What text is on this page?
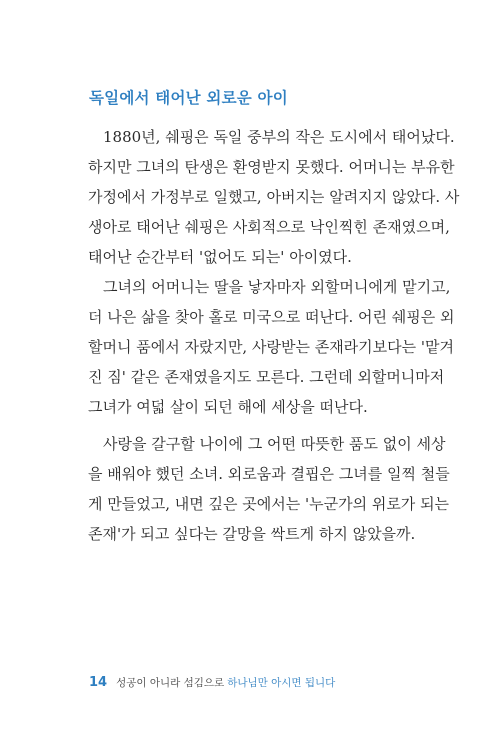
독일에서 태어난 외로운 아이

　1880년, 쉐핑은 독일 중부의 작은 도시에서 태어났다.
하지만 그녀의 탄생은 환영받지 못했다. 어머니는 부유한
가정에서 가정부로 일했고, 아버지는 알려지지 않았다. 사
생아로 태어난 쉐핑은 사회적으로 낙인찍힌 존재였으며,
태어난 순간부터 '없어도 되는' 아이였다.

　그녀의 어머니는 딸을 낳자마자 외할머니에게 맡기고,
더 나은 삶을 찾아 홀로 미국으로 떠난다. 어린 쉐핑은 외
할머니 품에서 자랐지만, 사랑받는 존재라기보다는 '맡겨
진 짐' 같은 존재였을지도 모른다. 그런데 외할머니마저
그녀가 여덟 살이 되던 해에 세상을 떠난다.

　사랑을 갈구할 나이에 그 어떤 따뜻한 품도 없이 세상
을 배워야 했던 소녀. 외로움과 결핍은 그녀를 일찍 철들
게 만들었고, 내면 깊은 곳에서는 '누군가의 위로가 되는
존재'가 되고 싶다는 갈망을 싹트게 하지 않았을까.

14 성공이 아니라 섬김으로 하나님만 아시면 됩니다
